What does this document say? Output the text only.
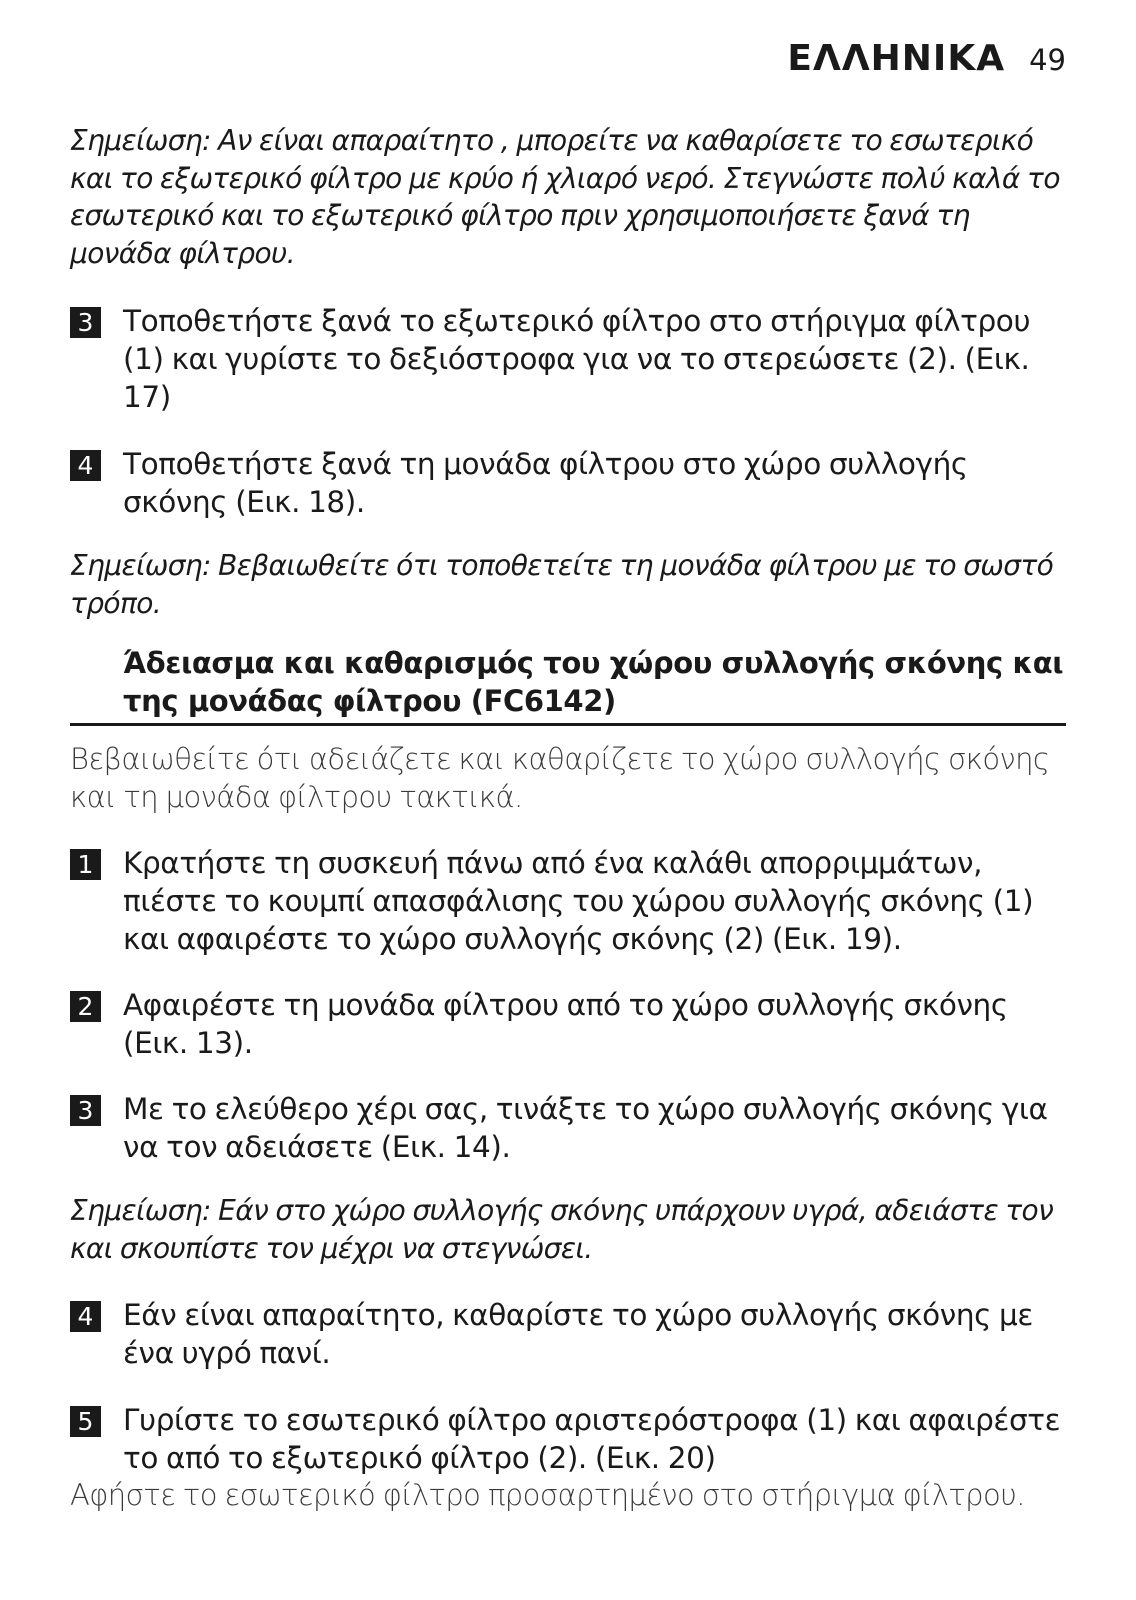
ΕΛΛΗΝΙΚΑ 49

Σημείωση: Αν είναι απαραίτητο , μπορείτε να καθαρίσετε το εσωτερικό και το εξωτερικό φίλτρο με κρύο ή χλιαρό νερό. Στεγνώστε πολύ καλά το εσωτερικό και το εξωτερικό φίλτρο πριν χρησιμοποιήσετε ξανά τη μονάδα φίλτρου.

3 Τοποθετήστε ξανά το εξωτερικό φίλτρο στο στήριγμα φίλτρου (1) και γυρίστε το δεξιόστροφα για να το στερεώσετε (2). (Εικ. 17)
4 Τοποθετήστε ξανά τη μονάδα φίλτρου στο χώρο συλλογής σκόνης (Εικ. 18).

Σημείωση: Βεβαιωθείτε ότι τοποθετείτε τη μονάδα φίλτρου με το σωστό τρόπο.

Άδειασμα και καθαρισμός του χώρου συλλογής σκόνης και της μονάδας φίλτρου (FC6142)

Βεβαιωθείτε ότι αδειάζετε και καθαρίζετε το χώρο συλλογής σκόνης και τη μονάδα φίλτρου τακτικά.

1 Κρατήστε τη συσκευή πάνω από ένα καλάθι απορριμμάτων, πιέστε το κουμπί απασφάλισης του χώρου συλλογής σκόνης (1) και αφαιρέστε το χώρο συλλογής σκόνης (2) (Εικ. 19).
2 Αφαιρέστε τη μονάδα φίλτρου από το χώρο συλλογής σκόνης (Εικ. 13).
3 Με το ελεύθερο χέρι σας, τινάξτε το χώρο συλλογής σκόνης για να τον αδειάσετε (Εικ. 14).

Σημείωση: Εάν στο χώρο συλλογής σκόνης υπάρχουν υγρά, αδειάστε τον και σκουπίστε τον μέχρι να στεγνώσει.

4 Εάν είναι απαραίτητο, καθαρίστε το χώρο συλλογής σκόνης με ένα υγρό πανί.
5 Γυρίστε το εσωτερικό φίλτρο αριστερόστροφα (1) και αφαιρέστε το από το εξωτερικό φίλτρο (2). (Εικ. 20)

Αφήστε το εσωτερικό φίλτρο προσαρτημένο στο στήριγμα φίλτρου.
